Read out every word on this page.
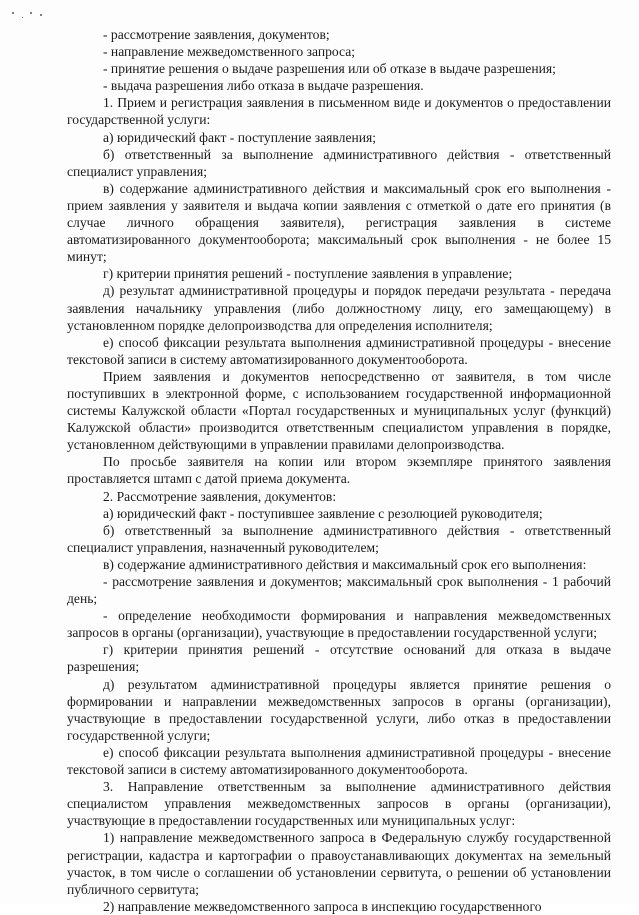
- рассмотрение заявления, документов;

- направление межведомственного запроса;

- принятие решения о выдаче разрешения или об отказе в выдаче разрешения;

- выдача разрешения либо отказа в выдаче разрешения.

1. Прием и регистрация заявления в письменном виде и документов о предоставлении государственной услуги:

а) юридический факт - поступление заявления;

б) ответственный за выполнение административного действия - ответственный специалист управления;

в) содержание административного действия и максимальный срок его выполнения - прием заявления у заявителя и выдача копии заявления с отметкой о дате его принятия (в случае личного обращения заявителя), регистрация заявления в системе автоматизированного документооборота; максимальный срок выполнения - не более 15 минут;

г) критерии принятия решений - поступление заявления в управление;

д) результат административной процедуры и порядок передачи результата - передача заявления начальнику управления (либо должностному лицу, его замещающему) в установленном порядке делопроизводства для определения исполнителя;

е) способ фиксации результата выполнения административной процедуры - внесение текстовой записи в систему автоматизированного документооборота.

Прием заявления и документов непосредственно от заявителя, в том числе поступивших в электронной форме, с использованием государственной информационной системы Калужской области «Портал государственных и муниципальных услуг (функций) Калужской области» производится ответственным специалистом управления в порядке, установленном действующими в управлении правилами делопроизводства.

По просьбе заявителя на копии или втором экземпляре принятого заявления проставляется штамп с датой приема документа.

2. Рассмотрение заявления, документов:

а) юридический факт - поступившее заявление с резолюцией руководителя;

б) ответственный за выполнение административного действия - ответственный специалист управления, назначенный руководителем;

в) содержание административного действия и максимальный срок его выполнения:

- рассмотрение заявления и документов; максимальный срок выполнения - 1 рабочий день;

- определение необходимости формирования и направления межведомственных запросов в органы (организации), участвующие в предоставлении государственной услуги;

г) критерии принятия решений - отсутствие оснований для отказа в выдаче разрешения;

д) результатом административной процедуры является принятие решения о формировании и направлении межведомственных запросов в органы (организации), участвующие в предоставлении государственной услуги, либо отказ в предоставлении государственной услуги;

е) способ фиксации результата выполнения административной процедуры - внесение текстовой записи в систему автоматизированного документооборота.

3. Направление ответственным за выполнение административного действия специалистом управления межведомственных запросов в органы (организации), участвующие в предоставлении государственных или муниципальных услуг:

1) направление межведомственного запроса в Федеральную службу государственной регистрации, кадастра и картографии о правоустанавливающих документах на земельный участок, в том числе о соглашении об установлении сервитута, о решении об установлении публичного сервитута;

2) направление межведомственного запроса в инспекцию государственного
